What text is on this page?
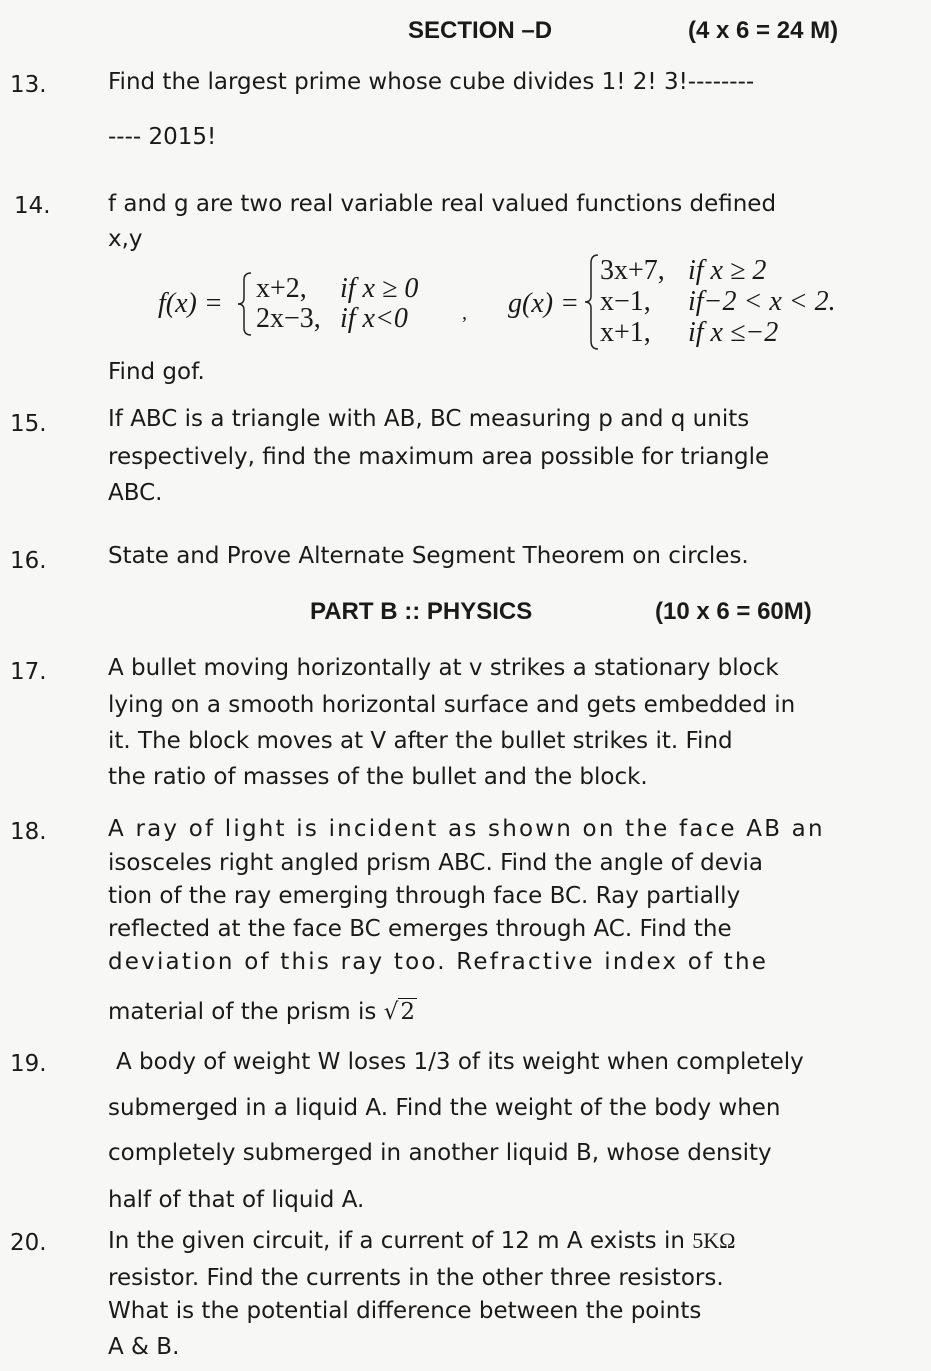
SECTION –D	(4 x 6 = 24 M)
13.	Find the largest prime whose cube divides 1! 2! 3!--------
---- 2015!
14. f and g are two real variable real valued functions defined
x,y
f(x) = x+2, if x ≥ 0
2x−3, if x<0	, g(x) =
3x+7, if x ≥ 2
x−1, if−2 < x < 2.
x+1, if x ≤−2
Find gof.
15.	If ABC is a triangle with AB, BC measuring p and q units
respectively, find the maximum area possible for triangle
ABC.
16.	State and Prove Alternate Segment Theorem on circles.
PART B :: PHYSICS	(10 x 6 = 60M)
17.	A bullet moving horizontally at v strikes a stationary block
lying on a smooth horizontal surface and gets embedded in
it. The block moves at V after the bullet strikes it. Find
the ratio of masses of the bullet and the block.
18.	A ray of light is incident as shown on the face AB an
isosceles right angled prism ABC. Find the angle of devia
tion of the ray emerging through face BC. Ray partially
reflected at the face BC emerges through AC. Find the
deviation of this ray too. Refractive index of the
material of the prism is √2
19.	A body of weight W loses 1/3 of its weight when completely
submerged in a liquid A. Find the weight of the body when
completely submerged in another liquid B, whose density
half of that of liquid A.
20.	In the given circuit, if a current of 12 m A exists in 5KΩ
resistor. Find the currents in the other three resistors.
What is the potential difference between the points
A & B.
